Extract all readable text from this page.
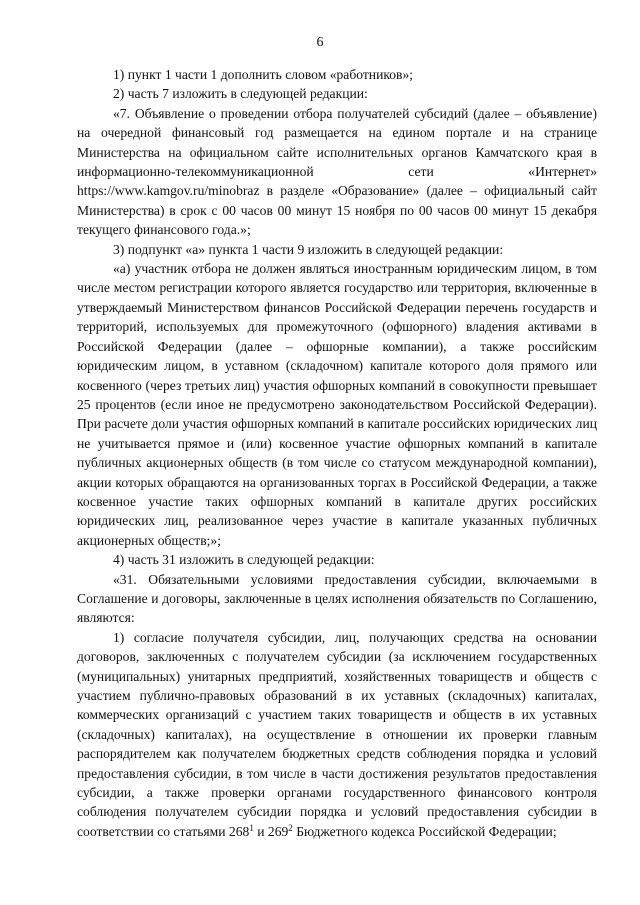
6

1) пункт 1 части 1 дополнить словом «работников»;

2) часть 7 изложить в следующей редакции:

«7. Объявление о проведении отбора получателей субсидий (далее – объявление) на очередной финансовый год размещается на едином портале и на странице Министерства на официальном сайте исполнительных органов Камчатского края в информационно-телекоммуникационной сети «Интернет» https://www.kamgov.ru/minobraz в разделе «Образование» (далее – официальный сайт Министерства) в срок с 00 часов 00 минут 15 ноября по 00 часов 00 минут 15 декабря текущего финансового года.»;

3) подпункт «а» пункта 1 части 9 изложить в следующей редакции:

«а) участник отбора не должен являться иностранным юридическим лицом, в том числе местом регистрации которого является государство или территория, включенные в утверждаемый Министерством финансов Российской Федерации перечень государств и территорий, используемых для промежуточного (офшорного) владения активами в Российской Федерации (далее – офшорные компании), а также российским юридическим лицом, в уставном (складочном) капитале которого доля прямого или косвенного (через третьих лиц) участия офшорных компаний в совокупности превышает 25 процентов (если иное не предусмотрено законодательством Российской Федерации). При расчете доли участия офшорных компаний в капитале российских юридических лиц не учитывается прямое и (или) косвенное участие офшорных компаний в капитале публичных акционерных обществ (в том числе со статусом международной компании), акции которых обращаются на организованных торгах в Российской Федерации, а также косвенное участие таких офшорных компаний в капитале других российских юридических лиц, реализованное через участие в капитале указанных публичных акционерных обществ;»;

4) часть 31 изложить в следующей редакции:

«31. Обязательными условиями предоставления субсидии, включаемыми в Соглашение и договоры, заключенные в целях исполнения обязательств по Соглашению, являются:

1) согласие получателя субсидии, лиц, получающих средства на основании договоров, заключенных с получателем субсидии (за исключением государственных (муниципальных) унитарных предприятий, хозяйственных товариществ и обществ с участием публично-правовых образований в их уставных (складочных) капиталах, коммерческих организаций с участием таких товариществ и обществ в их уставных (складочных) капиталах), на осуществление в отношении их проверки главным распорядителем как получателем бюджетных средств соблюдения порядка и условий предоставления субсидии, в том числе в части достижения результатов предоставления субсидии, а также проверки органами государственного финансового контроля соблюдения получателем субсидии порядка и условий предоставления субсидии в соответствии со статьями $268^1$ и $269^2$ Бюджетного кодекса Российской Федерации;
